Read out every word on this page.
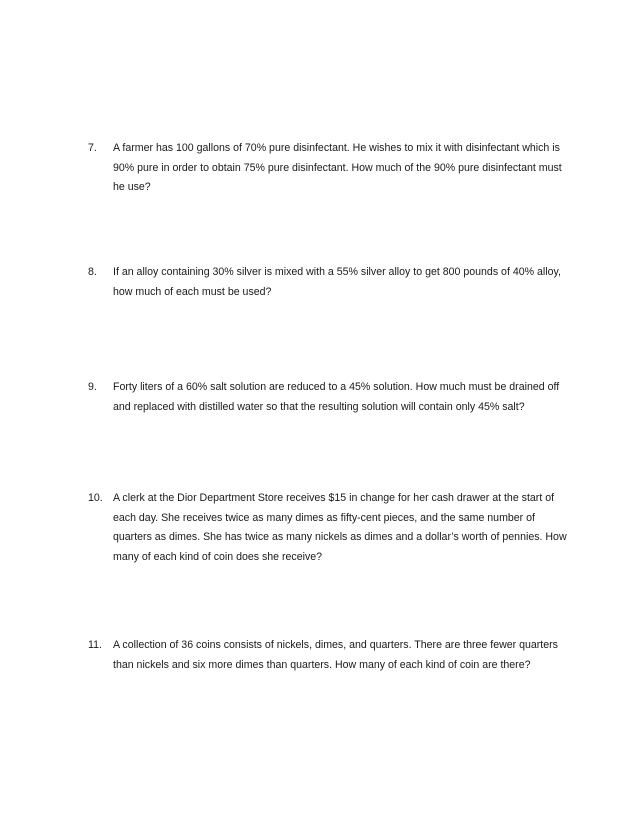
7. A farmer has 100 gallons of 70% pure disinfectant. He wishes to mix it with disinfectant which is 90% pure in order to obtain 75% pure disinfectant. How much of the 90% pure disinfectant must he use?
8. If an alloy containing 30% silver is mixed with a 55% silver alloy to get 800 pounds of 40% alloy, how much of each must be used?
9. Forty liters of a 60% salt solution are reduced to a 45% solution. How much must be drained off and replaced with distilled water so that the resulting solution will contain only 45% salt?
10. A clerk at the Dior Department Store receives $15 in change for her cash drawer at the start of each day. She receives twice as many dimes as fifty-cent pieces, and the same number of quarters as dimes. She has twice as many nickels as dimes and a dollar’s worth of pennies. How many of each kind of coin does she receive?
11. A collection of 36 coins consists of nickels, dimes, and quarters. There are three fewer quarters than nickels and six more dimes than quarters. How many of each kind of coin are there?
